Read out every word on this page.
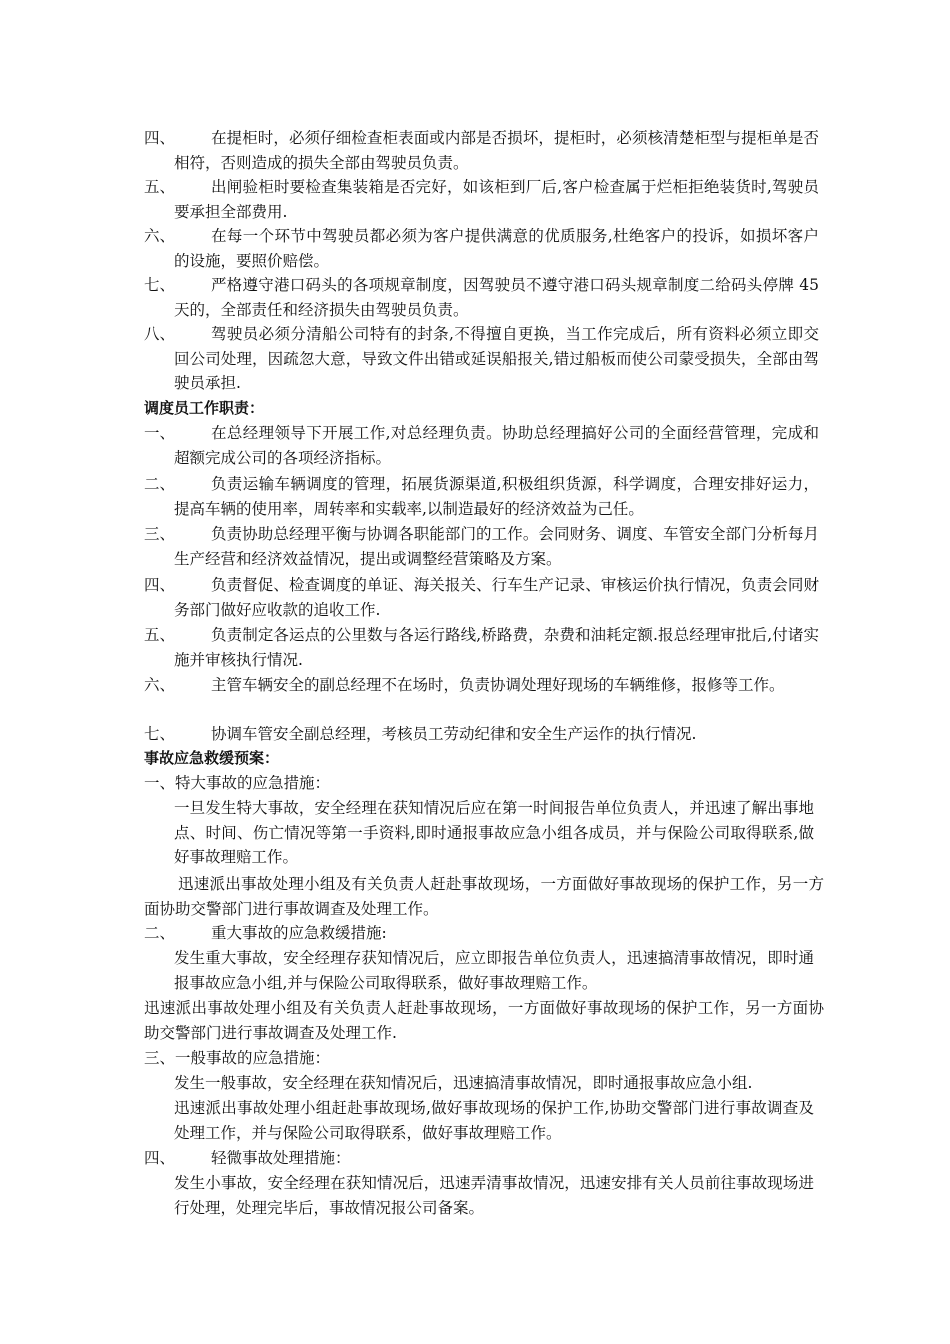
四、	在提柜时，必须仔细检查柜表面或内部是否损坏，提柜时，必须核清楚柜型与提柜单是否相符，否则造成的损失全部由驾驶员负责。
五、	出闸验柜时要检查集装箱是否完好，如该柜到厂后,客户检查属于烂柜拒绝装货时,驾驶员要承担全部费用.
六、	在每一个环节中驾驶员都必须为客户提供满意的优质服务,杜绝客户的投诉，如损坏客户的设施，要照价赔偿。
七、	严格遵守港口码头的各项规章制度，因驾驶员不遵守港口码头规章制度二给码头停牌 45 天的，全部责任和经济损失由驾驶员负责。
八、	驾驶员必须分清船公司特有的封条,不得擅自更换，当工作完成后，所有资料必须立即交回公司处理，因疏忽大意，导致文件出错或延误船报关,错过船板而使公司蒙受损失，全部由驾驶员承担.
调度员工作职责：
一、	在总经理领导下开展工作,对总经理负责。协助总经理搞好公司的全面经营管理，完成和超额完成公司的各项经济指标。
二、	负责运输车辆调度的管理，拓展货源渠道,积极组织货源，科学调度，合理安排好运力，提高车辆的使用率，周转率和实载率,以制造最好的经济效益为己任。
三、	负责协助总经理平衡与协调各职能部门的工作。会同财务、调度、车管安全部门分析每月生产经营和经济效益情况，提出或调整经营策略及方案。
四、	负责督促、检查调度的单证、海关报关、行车生产记录、审核运价执行情况，负责会同财务部门做好应收款的追收工作.
五、	负责制定各运点的公里数与各运行路线,桥路费，杂费和油耗定额.报总经理审批后,付诸实施并审核执行情况.
六、	主管车辆安全的副总经理不在场时，负责协调处理好现场的车辆维修，报修等工作。
七、	协调车管安全副总经理，考核员工劳动纪律和安全生产运作的执行情况.
事故应急救缓预案：
一、特大事故的应急措施：
一旦发生特大事故，安全经理在获知情况后应在第一时间报告单位负责人，并迅速了解出事地点、时间、伤亡情况等第一手资料,即时通报事故应急小组各成员，并与保险公司取得联系,做好事故理赔工作。
迅速派出事故处理小组及有关负责人赶赴事故现场，一方面做好事故现场的保护工作，另一方面协助交警部门进行事故调查及处理工作。
二、 重大事故的应急救缓措施:
发生重大事故，安全经理存获知情况后，应立即报告单位负责人，迅速搞清事故情况，即时通报事故应急小组,并与保险公司取得联系，做好事故理赔工作。
迅速派出事故处理小组及有关负责人赶赴事故现场，一方面做好事故现场的保护工作，另一方面协助交警部门进行事故调查及处理工作.
三、一般事故的应急措施：
发生一般事故，安全经理在获知情况后，迅速搞清事故情况，即时通报事故应急小组.
迅速派出事故处理小组赶赴事故现场,做好事故现场的保护工作,协助交警部门进行事故调查及处理工作，并与保险公司取得联系，做好事故理赔工作。
四、 轻微事故处理措施：
发生小事故，安全经理在获知情况后，迅速弄清事故情况，迅速安排有关人员前往事故现场进行处理，处理完毕后，事故情况报公司备案。
